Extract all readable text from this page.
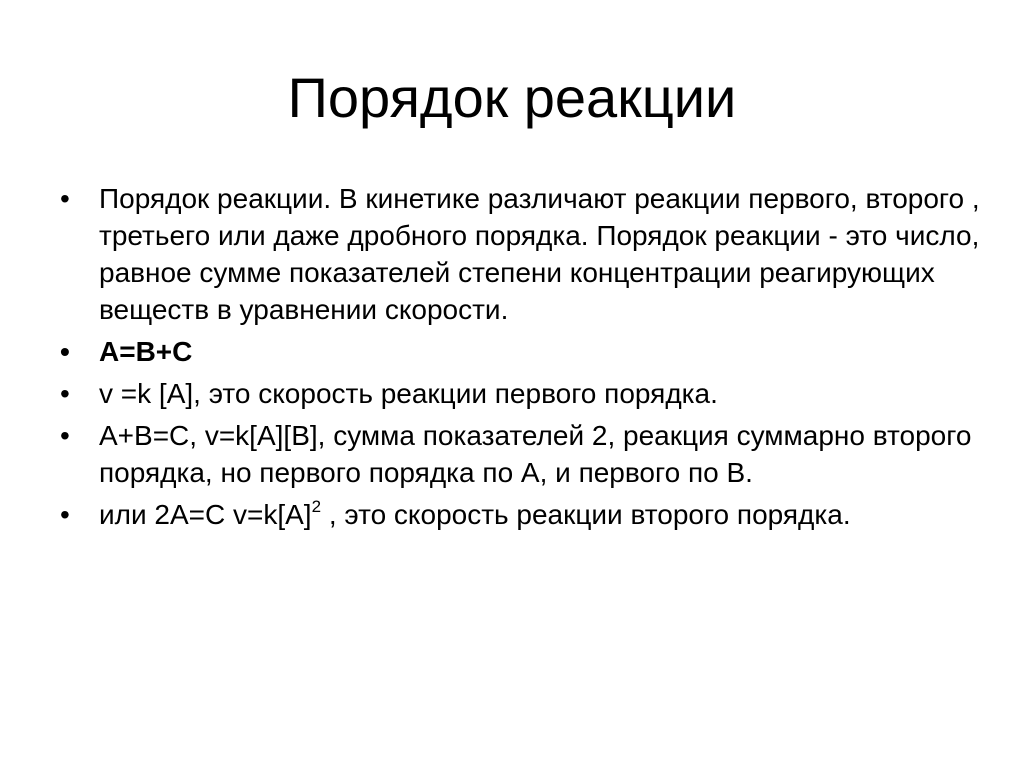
Порядок реакции
•	Порядок реакции. В кинетике различают реакции первого, второго , третьего или даже дробного порядка. Порядок реакции - это число, равное сумме показателей степени концентрации реагирующих веществ в уравнении скорости.
•	A=B+C
•	v =k [A], это скорость реакции первого порядка.
•	A+B=C, v=k[A][B], сумма показателей 2, реакция суммарно второго порядка, но первого порядка по А, и первого по В.
•	или 2А=С $v=k[A]^2$ , это скорость реакции второго порядка.
